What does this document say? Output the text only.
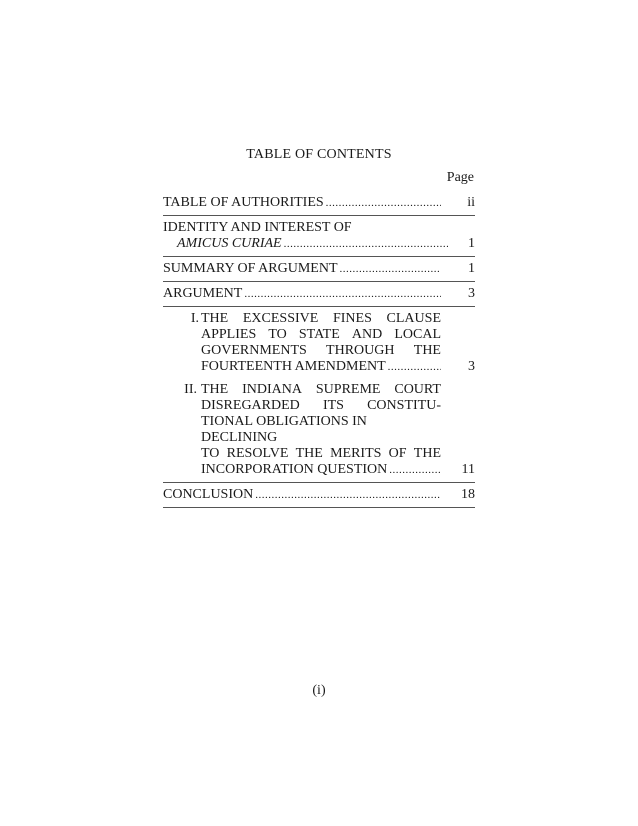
TABLE OF CONTENTS
Page
TABLE OF AUTHORITIES .....	ii
IDENTITY AND INTEREST OF
AMICUS CURIAE .....	1
SUMMARY OF ARGUMENT .....	1
ARGUMENT .....	3
I. THE EXCESSIVE FINES CLAUSE
APPLIES TO STATE AND LOCAL
GOVERNMENTS THROUGH THE
FOURTEENTH AMENDMENT .....	3
II. THE INDIANA SUPREME COURT
DISREGARDED ITS CONSTITU-
TIONAL OBLIGATIONS IN DECLINING
TO RESOLVE THE MERITS OF THE
INCORPORATION QUESTION .....	11
CONCLUSION .....	18
(i)
